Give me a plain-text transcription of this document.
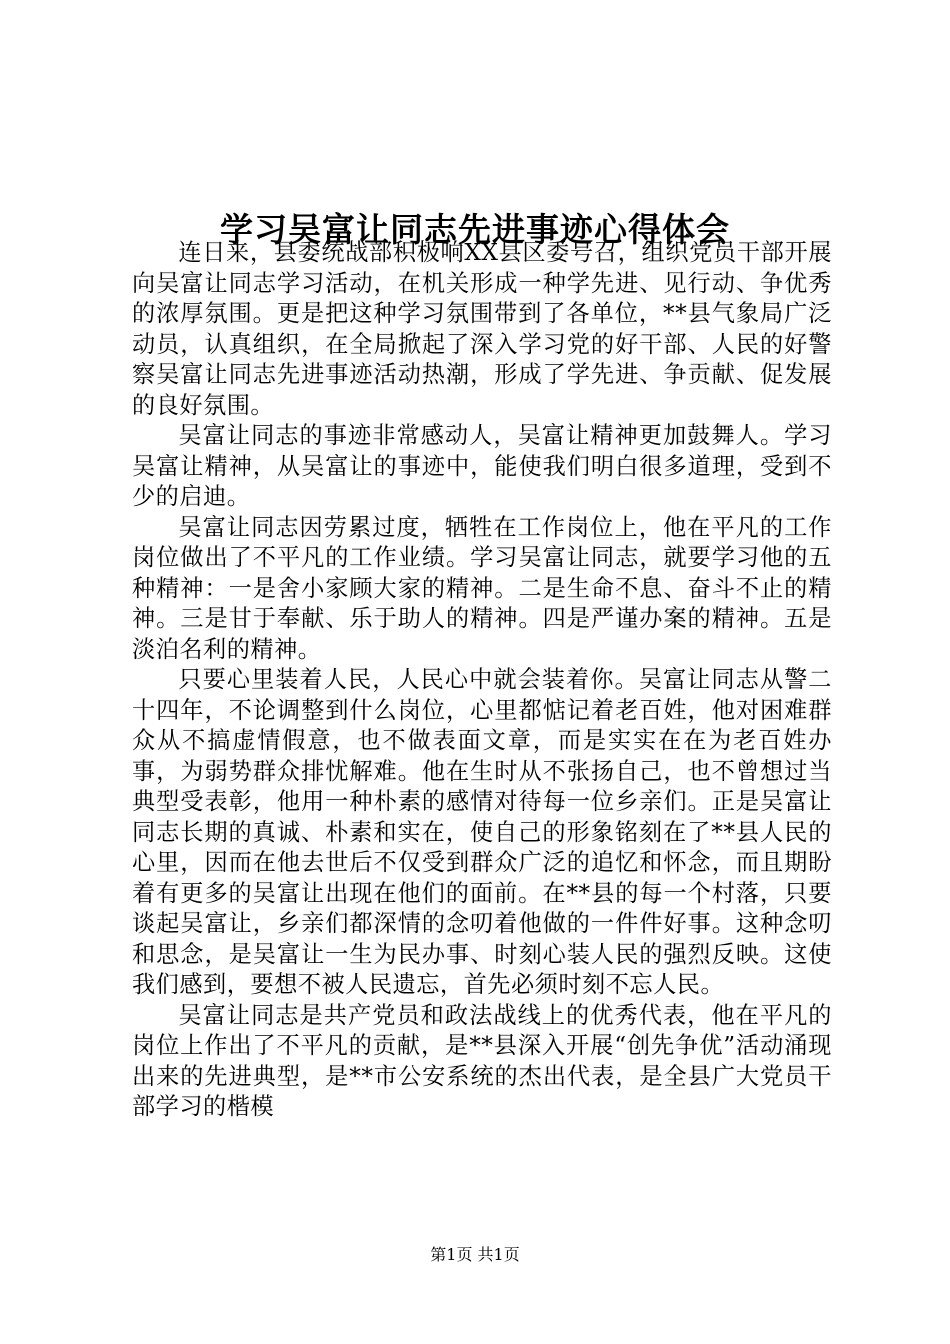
学习吴富让同志先进事迹心得体会

连日来，县委统战部积极响XX县区委号召，组织党员干部开展向吴富让同志学习活动，在机关形成一种学先进、见行动、争优秀的浓厚氛围。更是把这种学习氛围带到了各单位，**县气象局广泛动员，认真组织，在全局掀起了深入学习党的好干部、人民的好警察吴富让同志先进事迹活动热潮，形成了学先进、争贡献、促发展的良好氛围。

吴富让同志的事迹非常感动人，吴富让精神更加鼓舞人。学习吴富让精神，从吴富让的事迹中，能使我们明白很多道理，受到不少的启迪。

吴富让同志因劳累过度，牺牲在工作岗位上，他在平凡的工作岗位做出了不平凡的工作业绩。学习吴富让同志，就要学习他的五种精神：一是舍小家顾大家的精神。二是生命不息、奋斗不止的精神。三是甘于奉献、乐于助人的精神。四是严谨办案的精神。五是淡泊名利的精神。

只要心里装着人民，人民心中就会装着你。吴富让同志从警二十四年，不论调整到什么岗位，心里都惦记着老百姓，他对困难群众从不搞虚情假意，也不做表面文章，而是实实在在为老百姓办事，为弱势群众排忧解难。他在生时从不张扬自己，也不曾想过当典型受表彰，他用一种朴素的感情对待每一位乡亲们。正是吴富让同志长期的真诚、朴素和实在，使自己的形象铭刻在了**县人民的心里，因而在他去世后不仅受到群众广泛的追忆和怀念，而且期盼着有更多的吴富让出现在他们的面前。在**县的每一个村落，只要谈起吴富让，乡亲们都深情的念叨着他做的一件件好事。这种念叨和思念，是吴富让一生为民办事、时刻心装人民的强烈反映。这使我们感到，要想不被人民遗忘，首先必须时刻不忘人民。

吴富让同志是共产党员和政法战线上的优秀代表，他在平凡的岗位上作出了不平凡的贡献，是**县深入开展“创先争优”活动涌现出来的先进典型，是**市公安系统的杰出代表，是全县广大党员干部学习的楷模

第1页 共1页
